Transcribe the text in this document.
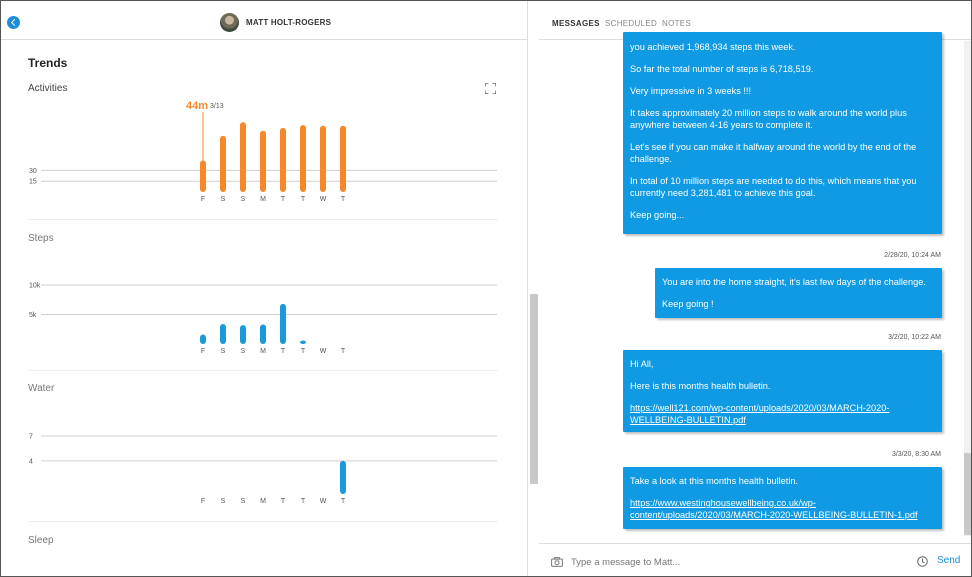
MATT HOLT-ROGERS
Trends
Activities
15
30
F S S M T T W T
44m 3/13
Steps
5k
10k
F S S M T T W T
Water
4
7
F S S M T T W T
Sleep
MESSAGES SCHEDULED NOTES

you achieved 1,968,934 steps this week.

So far the total number of steps is 6,718,519.

Very impressive in 3 weeks !!!

It takes approximately 20 million steps to walk around the world plus anywhere between 4-16 years to complete it.

Let's see if you can make it halfway around the world by the end of the challenge.

In total of 10 million steps are needed to do this, which means that you currently need 3,281,481 to achieve this goal.

Keep going...

2/28/20, 10:24 AM

You are into the home straight, it's last few days of the challenge.

Keep going !

3/2/20, 10:22 AM

Hi All,

Here is this months health bulletin.

https://well121.com/wp-content/uploads/2020/03/MARCH-2020-WELLBEING-BULLETIN.pdf

3/3/20, 8:30 AM

Take a look at this months health bulletin.

https://www.westinghousewellbeing.co.uk/wp-content/uploads/2020/03/MARCH-2020-WELLBEING-BULLETIN-1.pdf

Type a message to Matt...
Send
